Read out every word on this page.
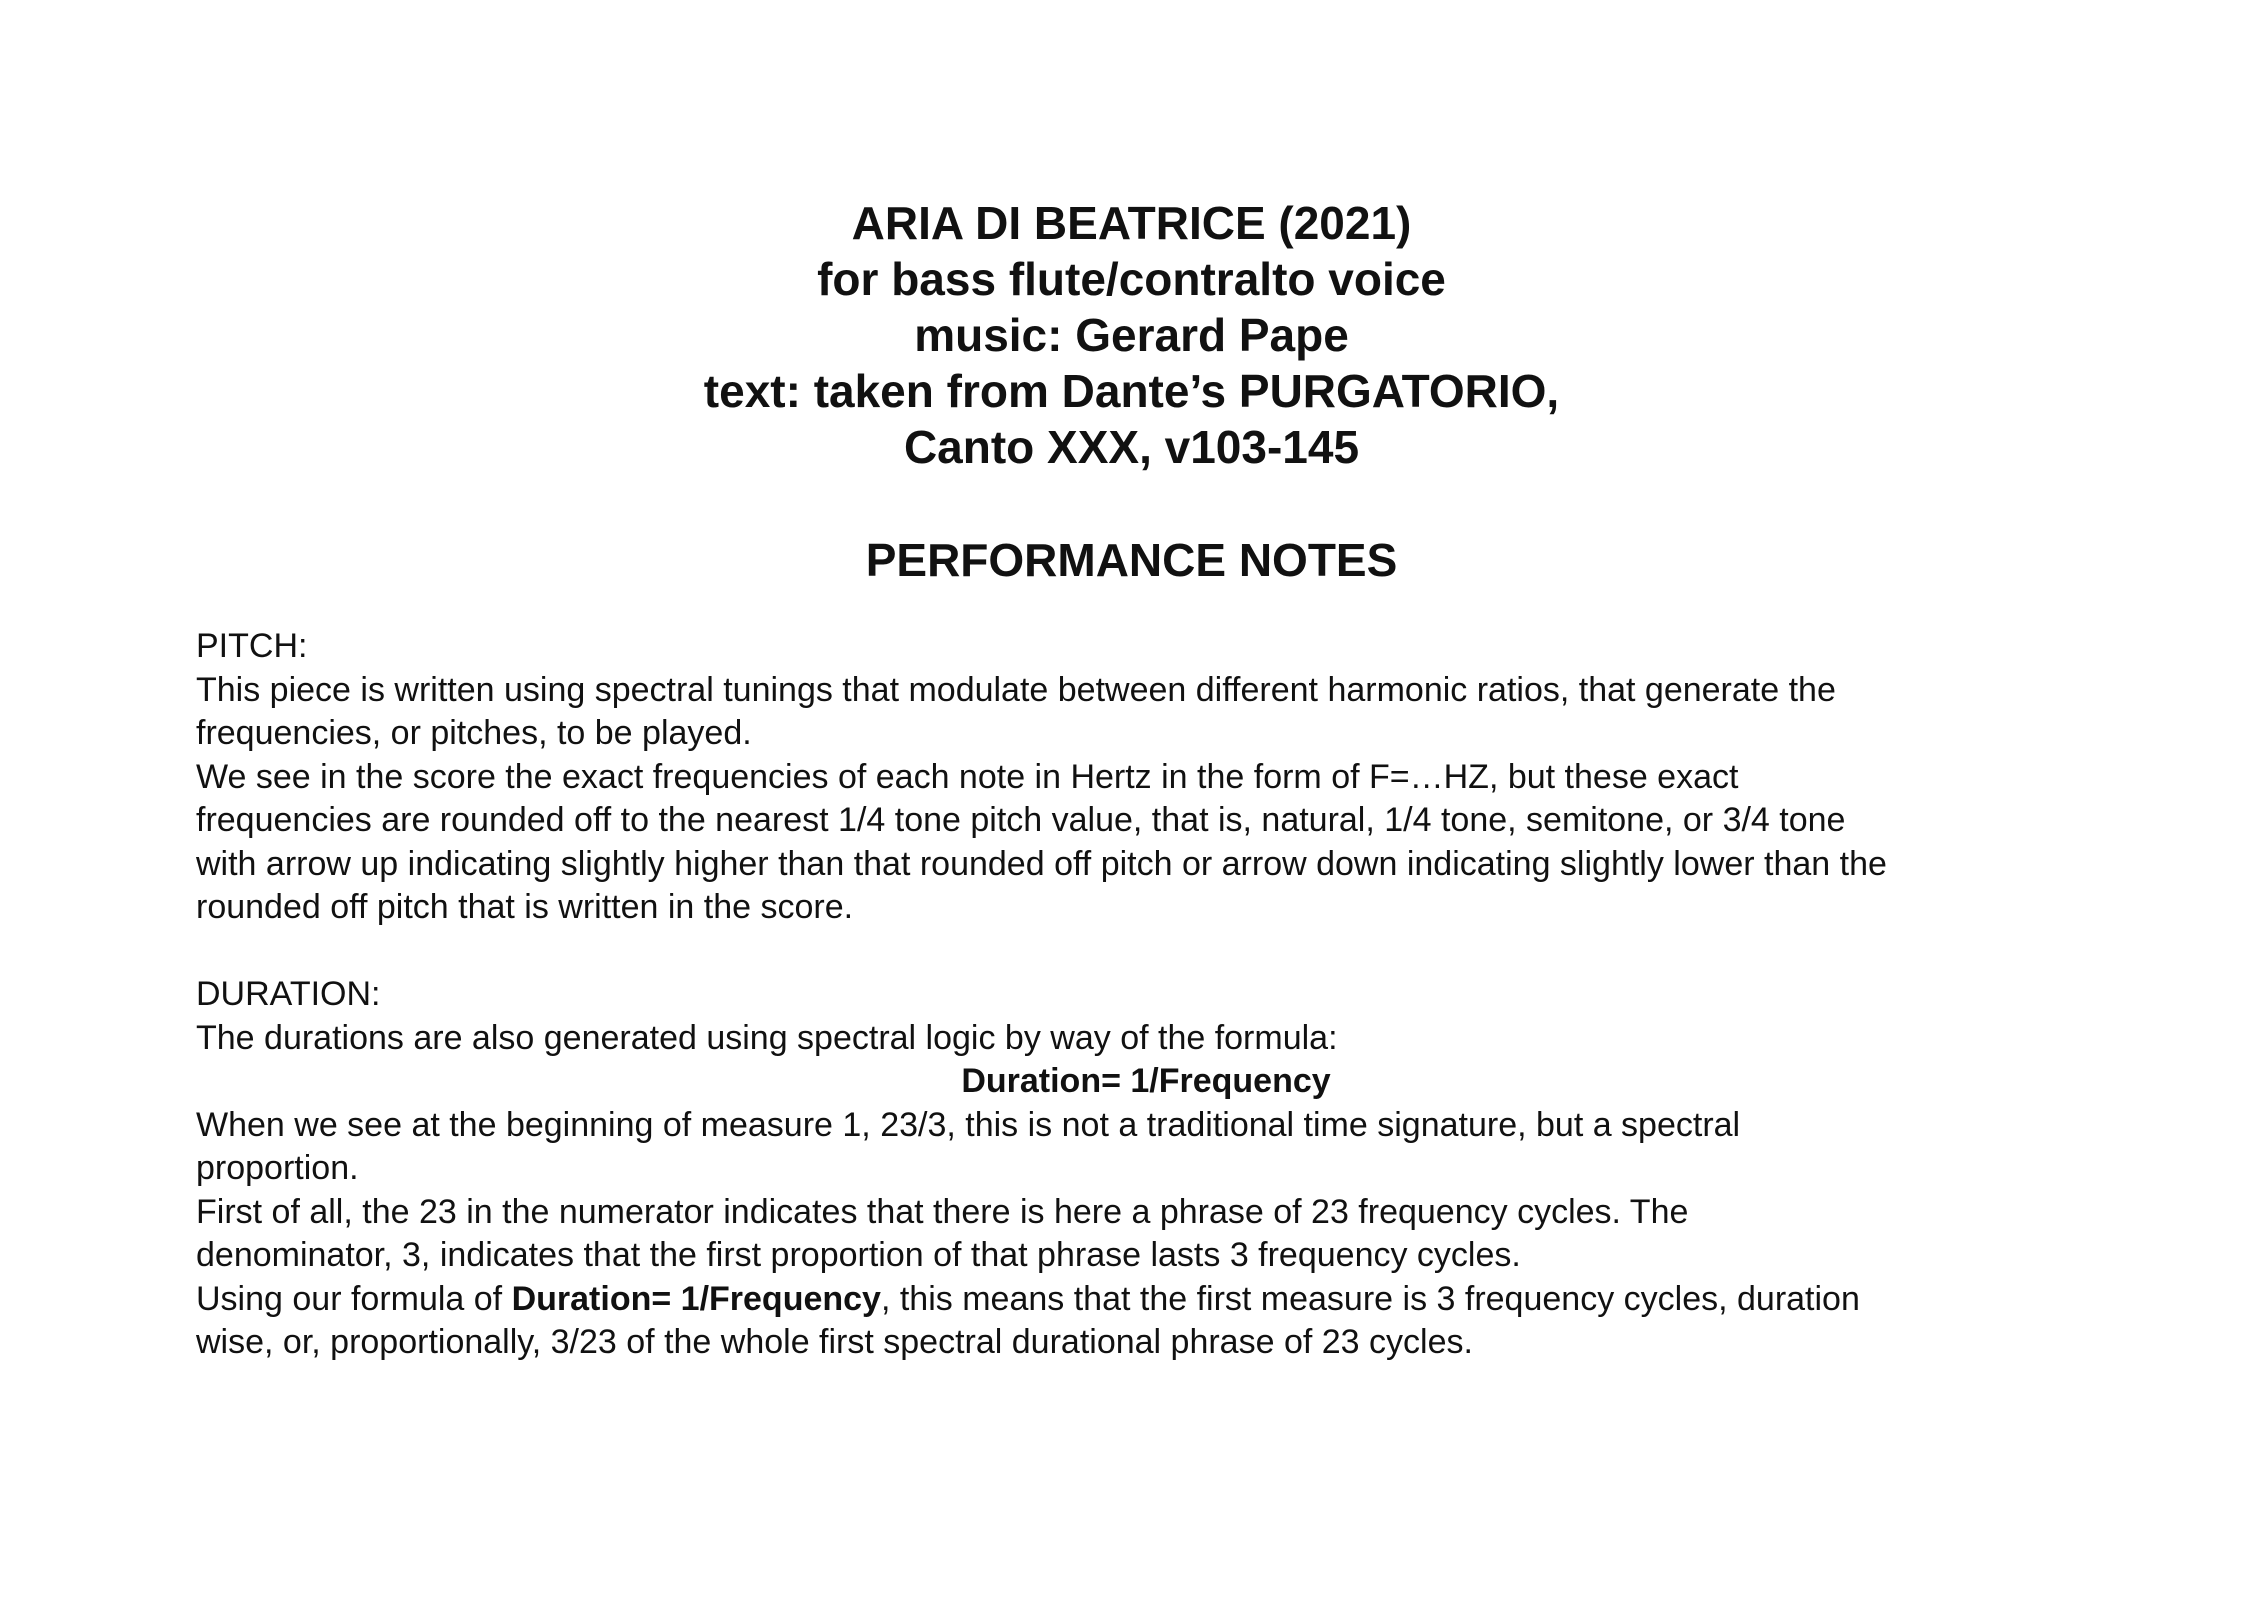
ARIA DI BEATRICE (2021)
for bass flute/contralto voice
music: Gerard Pape
text: taken from Dante’s PURGATORIO,
Canto XXX, v103-145
PERFORMANCE NOTES
PITCH:
This piece is written using spectral tunings that modulate between different harmonic ratios, that generate the
frequencies, or pitches, to be played.
We see in the score the exact frequencies of each note in Hertz in the form of F=…HZ, but these exact
frequencies are rounded off to the nearest 1/4 tone pitch value, that is, natural, 1/4 tone, semitone, or 3/4 tone
with arrow up indicating slightly higher than that rounded off pitch or arrow down indicating slightly lower than the
rounded off pitch that is written in the score.
DURATION:
The durations are also generated using spectral logic by way of the formula:
Duration= 1/Frequency
When we see at the beginning of measure 1, 23/3, this is not a traditional time signature, but a spectral
proportion.
First of all, the 23 in the numerator indicates that there is here a phrase of 23 frequency cycles. The
denominator, 3, indicates that the first proportion of that phrase lasts 3 frequency cycles.
Using our formula of Duration= 1/Frequency, this means that the first measure is 3 frequency cycles, duration
wise, or, proportionally, 3/23 of the whole first spectral durational phrase of 23 cycles.
